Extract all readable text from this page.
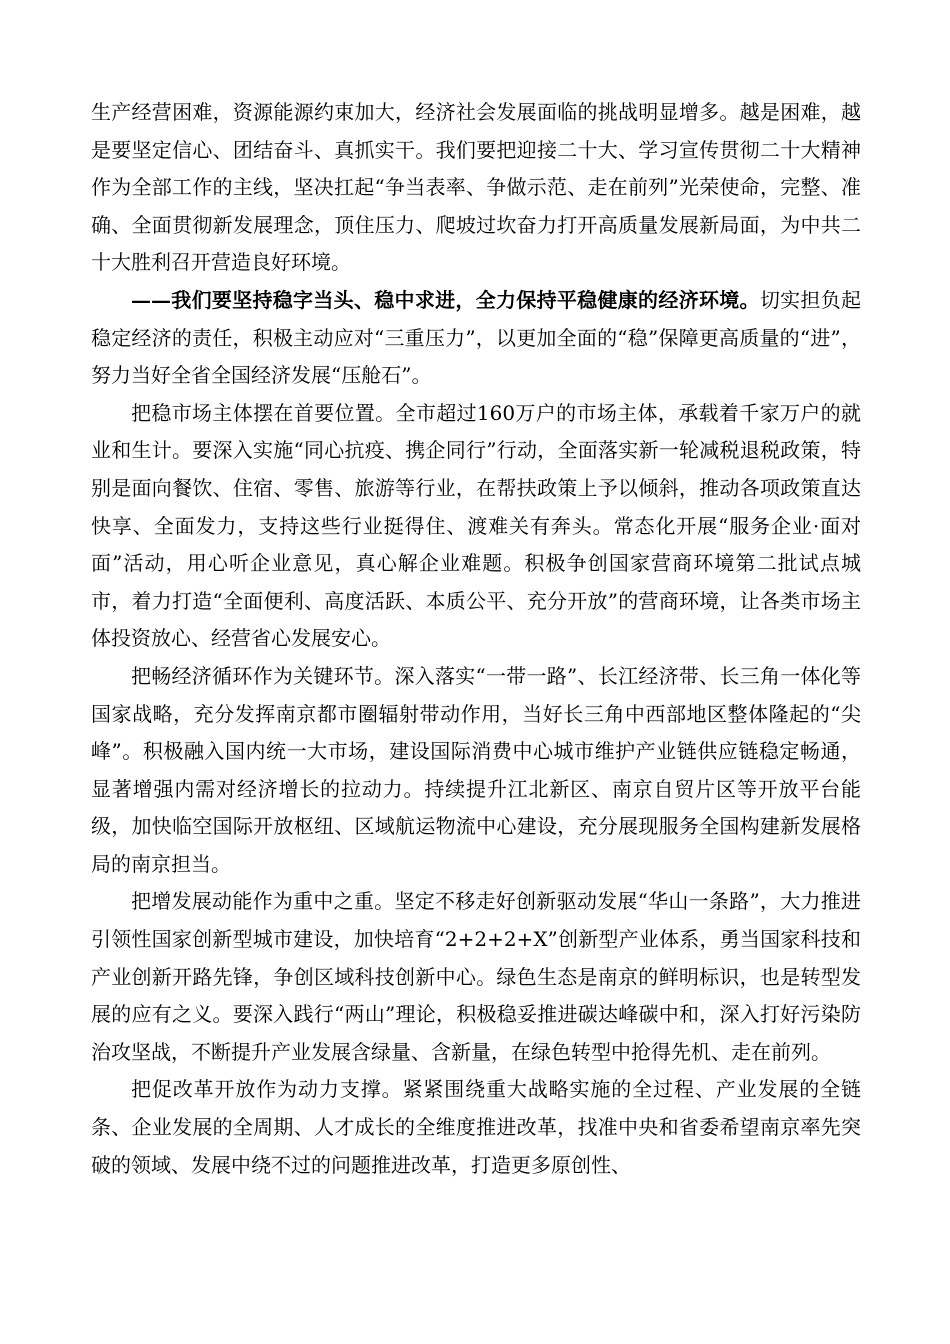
生产经营困难，资源能源约束加大，经济社会发展面临的挑战明显增多。越是困难，越是要坚定信心、团结奋斗、真抓实干。我们要把迎接二十大、学习宣传贯彻二十大精神作为全部工作的主线，坚决扛起“争当表率、争做示范、走在前列”光荣使命，完整、准确、全面贯彻新发展理念，顶住压力、爬坡过坎奋力打开高质量发展新局面，为中共二十大胜利召开营造良好环境。

——我们要坚持稳字当头、稳中求进，全力保持平稳健康的经济环境。切实担负起稳定经济的责任，积极主动应对“三重压力”，以更加全面的“稳”保障更高质量的“进”，努力当好全省全国经济发展“压舱石”。

把稳市场主体摆在首要位置。全市超过160万户的市场主体，承载着千家万户的就业和生计。要深入实施“同心抗疫、携企同行”行动，全面落实新一轮减税退税政策，特别是面向餐饮、住宿、零售、旅游等行业，在帮扶政策上予以倾斜，推动各项政策直达快享、全面发力，支持这些行业挺得住、渡难关有奔头。常态化开展“服务企业·面对面”活动，用心听企业意见，真心解企业难题。积极争创国家营商环境第二批试点城市，着力打造“全面便利、高度活跃、本质公平、充分开放”的营商环境，让各类市场主体投资放心、经营省心发展安心。

把畅经济循环作为关键环节。深入落实“一带一路”、长江经济带、长三角一体化等国家战略，充分发挥南京都市圈辐射带动作用，当好长三角中西部地区整体隆起的“尖峰”。积极融入国内统一大市场，建设国际消费中心城市维护产业链供应链稳定畅通，显著增强内需对经济增长的拉动力。持续提升江北新区、南京自贸片区等开放平台能级，加快临空国际开放枢纽、区域航运物流中心建设，充分展现服务全国构建新发展格局的南京担当。

把增发展动能作为重中之重。坚定不移走好创新驱动发展“华山一条路”，大力推进引领性国家创新型城市建设，加快培育“2+2+2+X”创新型产业体系，勇当国家科技和产业创新开路先锋，争创区域科技创新中心。绿色生态是南京的鲜明标识，也是转型发展的应有之义。要深入践行“两山”理论，积极稳妥推进碳达峰碳中和，深入打好污染防治攻坚战，不断提升产业发展含绿量、含新量，在绿色转型中抢得先机、走在前列。

把促改革开放作为动力支撑。紧紧围绕重大战略实施的全过程、产业发展的全链条、企业发展的全周期、人才成长的全维度推进改革，找准中央和省委希望南京率先突破的领域、发展中绕不过的问题推进改革，打造更多原创性、
